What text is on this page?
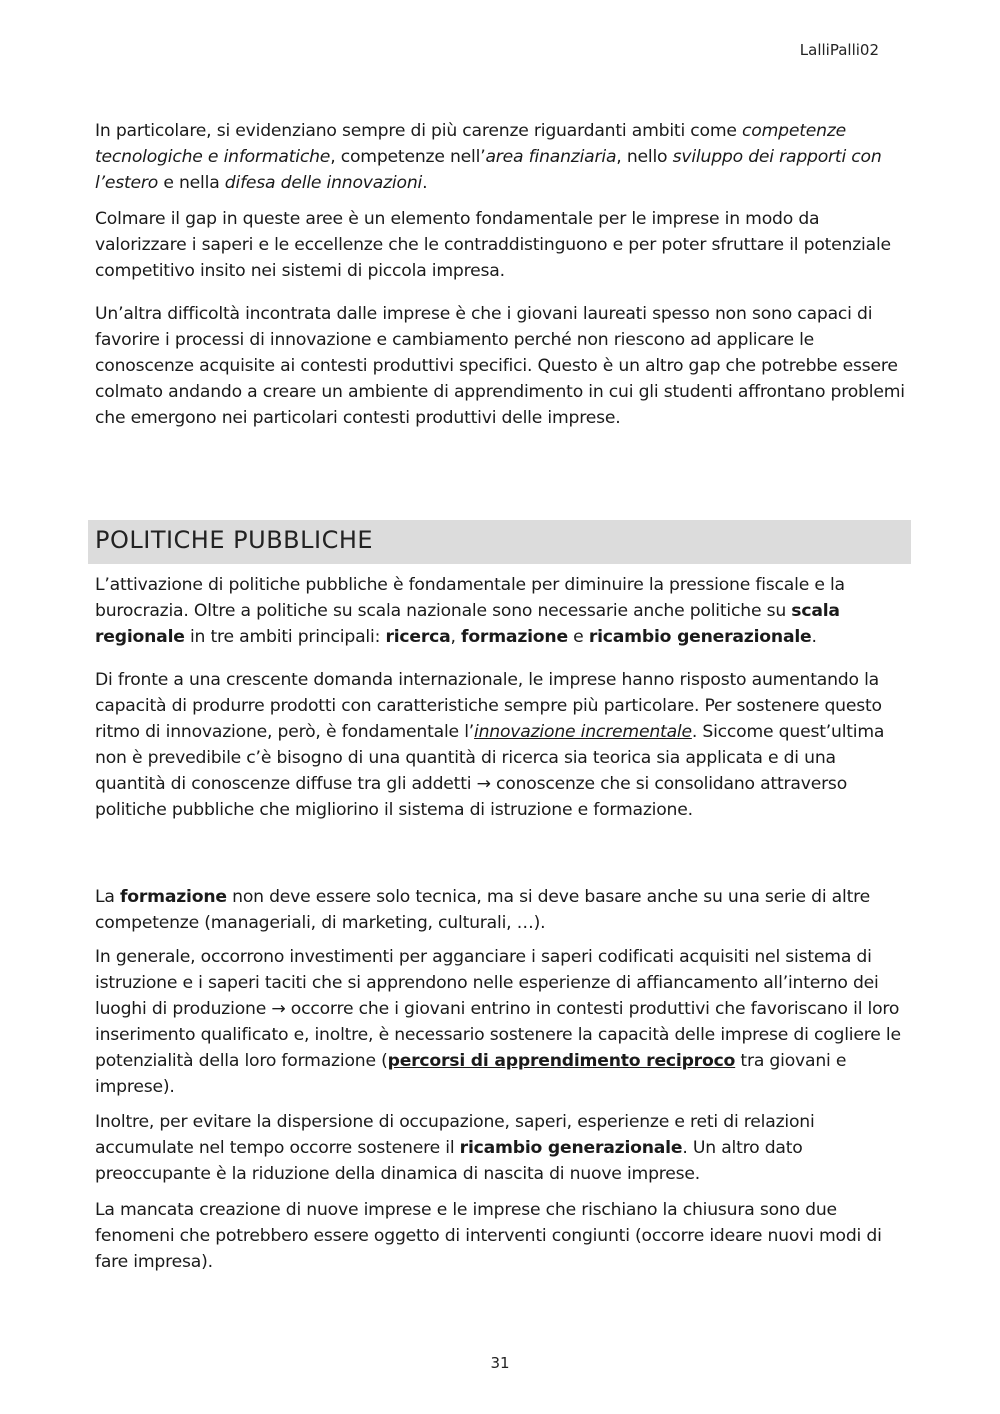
LalliPalli02

In particolare, si evidenziano sempre di più carenze riguardanti ambiti come competenze tecnologiche e informatiche, competenze nell’area finanziaria, nello sviluppo dei rapporti con l’estero e nella difesa delle innovazioni.

Colmare il gap in queste aree è un elemento fondamentale per le imprese in modo da valorizzare i saperi e le eccellenze che le contraddistinguono e per poter sfruttare il potenziale competitivo insito nei sistemi di piccola impresa.

Un’altra difficoltà incontrata dalle imprese è che i giovani laureati spesso non sono capaci di favorire i processi di innovazione e cambiamento perché non riescono ad applicare le conoscenze acquisite ai contesti produttivi specifici. Questo è un altro gap che potrebbe essere colmato andando a creare un ambiente di apprendimento in cui gli studenti affrontano problemi che emergono nei particolari contesti produttivi delle imprese.

POLITICHE PUBBLICHE

L’attivazione di politiche pubbliche è fondamentale per diminuire la pressione fiscale e la burocrazia. Oltre a politiche su scala nazionale sono necessarie anche politiche su scala regionale in tre ambiti principali: ricerca, formazione e ricambio generazionale.

Di fronte a una crescente domanda internazionale, le imprese hanno risposto aumentando la capacità di produrre prodotti con caratteristiche sempre più particolare. Per sostenere questo ritmo di innovazione, però, è fondamentale l’innovazione incrementale. Siccome quest’ultima non è prevedibile c’è bisogno di una quantità di ricerca sia teorica sia applicata e di una quantità di conoscenze diffuse tra gli addetti → conoscenze che si consolidano attraverso politiche pubbliche che migliorino il sistema di istruzione e formazione.

La formazione non deve essere solo tecnica, ma si deve basare anche su una serie di altre competenze (manageriali, di marketing, culturali, …).

In generale, occorrono investimenti per agganciare i saperi codificati acquisiti nel sistema di istruzione e i saperi taciti che si apprendono nelle esperienze di affiancamento all’interno dei luoghi di produzione → occorre che i giovani entrino in contesti produttivi che favoriscano il loro inserimento qualificato e, inoltre, è necessario sostenere la capacità delle imprese di cogliere le potenzialità della loro formazione (percorsi di apprendimento reciproco tra giovani e imprese).

Inoltre, per evitare la dispersione di occupazione, saperi, esperienze e reti di relazioni accumulate nel tempo occorre sostenere il ricambio generazionale. Un altro dato preoccupante è la riduzione della dinamica di nascita di nuove imprese.

La mancata creazione di nuove imprese e le imprese che rischiano la chiusura sono due fenomeni che potrebbero essere oggetto di interventi congiunti (occorre ideare nuovi modi di fare impresa).

31
